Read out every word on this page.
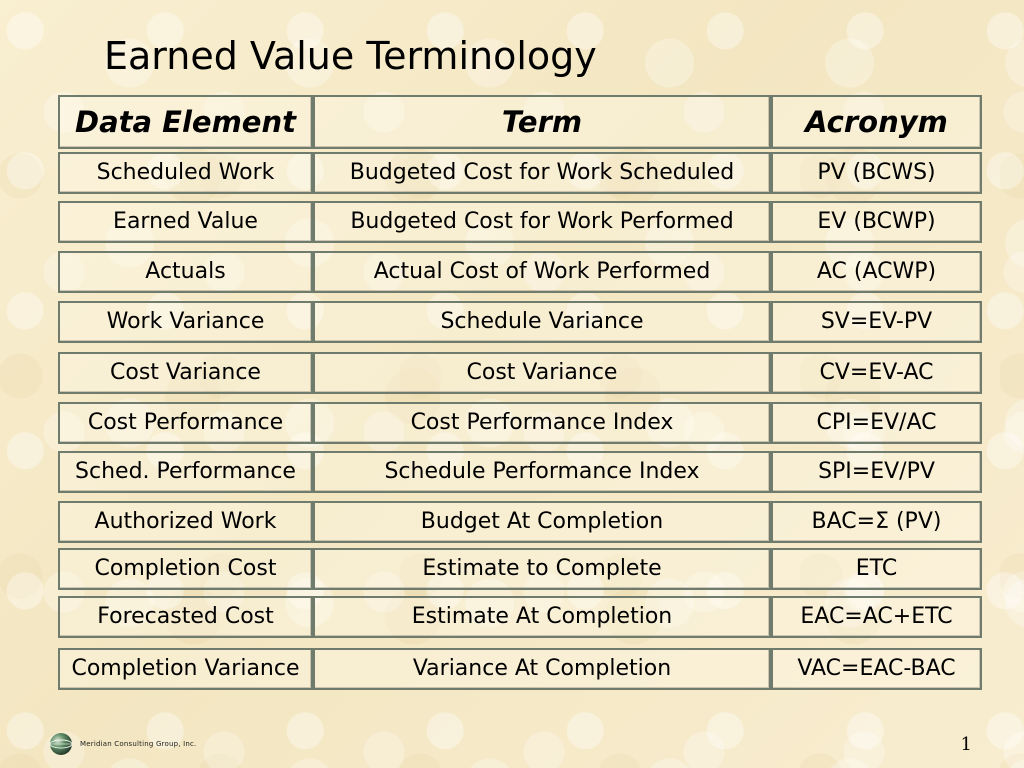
Earned Value Terminology
Data Element	Term	Acronym
Scheduled Work	Budgeted Cost for Work Scheduled	PV (BCWS)
Earned Value	Budgeted Cost for Work Performed	EV (BCWP)
Actuals	Actual Cost of Work Performed	AC (ACWP)
Work Variance	Schedule Variance	SV=EV-PV
Cost Variance	Cost Variance	CV=EV-AC
Cost Performance	Cost Performance Index	CPI=EV/AC
Sched. Performance	Schedule Performance Index	SPI=EV/PV
Authorized Work	Budget At Completion	BAC=Σ (PV)
Completion Cost	Estimate to Complete	ETC
Forecasted Cost	Estimate At Completion	EAC=AC+ETC
Completion Variance	Variance At Completion	VAC=EAC-BAC
Meridian Consulting Group, Inc.	1
